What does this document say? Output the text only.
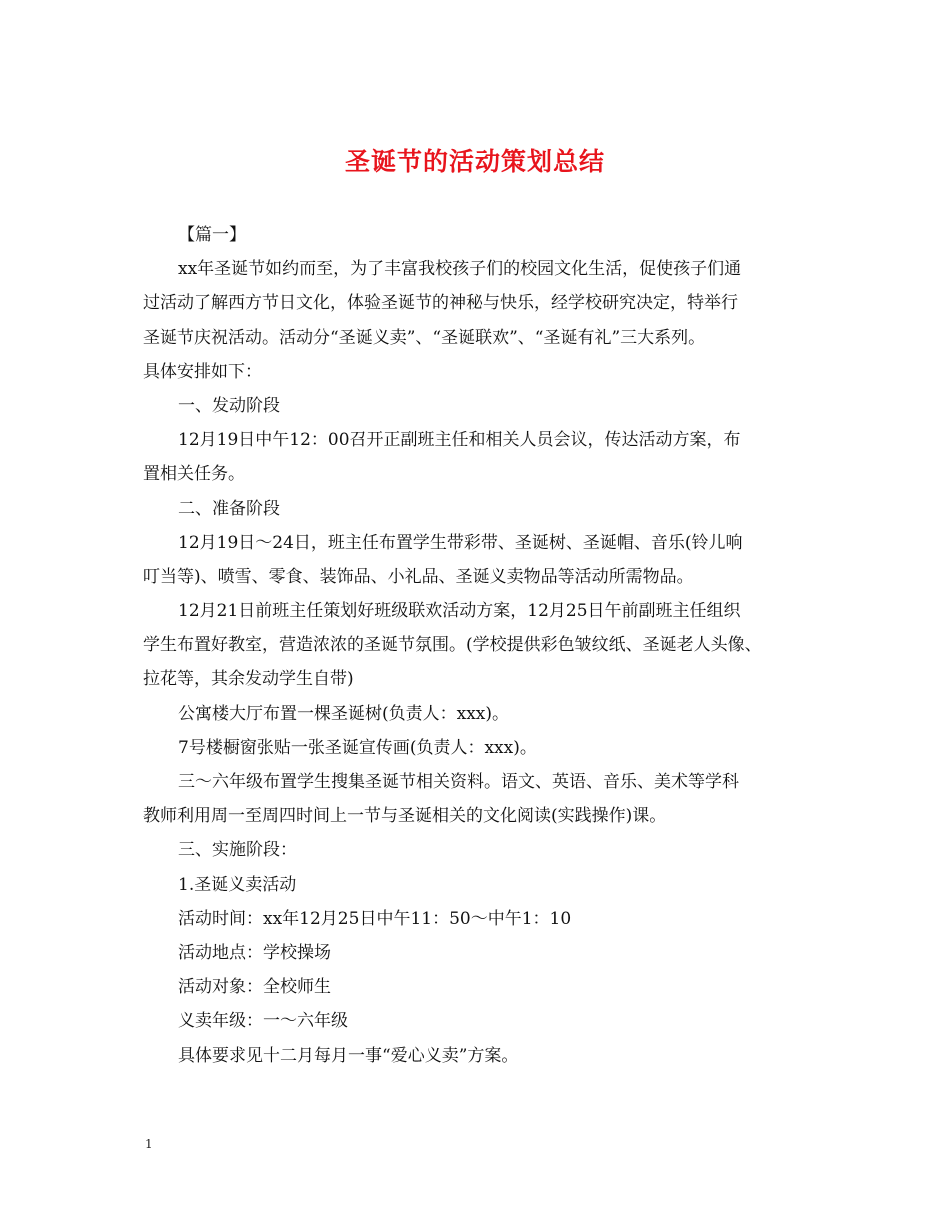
圣诞节的活动策划总结
【篇一】
xx年圣诞节如约而至，为了丰富我校孩子们的校园文化生活，促使孩子们通
过活动了解西方节日文化，体验圣诞节的神秘与快乐，经学校研究决定，特举行
圣诞节庆祝活动。活动分“圣诞义卖”、“圣诞联欢”、“圣诞有礼”三大系列。
具体安排如下：
一、发动阶段
12月19日中午12：00召开正副班主任和相关人员会议，传达活动方案，布
置相关任务。
二、准备阶段
12月19日～24日，班主任布置学生带彩带、圣诞树、圣诞帽、音乐(铃儿响
叮当等)、喷雪、零食、装饰品、小礼品、圣诞义卖物品等活动所需物品。
12月21日前班主任策划好班级联欢活动方案，12月25日午前副班主任组织
学生布置好教室，营造浓浓的圣诞节氛围。(学校提供彩色皱纹纸、圣诞老人头像、
拉花等，其余发动学生自带)
公寓楼大厅布置一棵圣诞树(负责人：xxx)。
7号楼橱窗张贴一张圣诞宣传画(负责人：xxx)。
三～六年级布置学生搜集圣诞节相关资料。语文、英语、音乐、美术等学科
教师利用周一至周四时间上一节与圣诞相关的文化阅读(实践操作)课。
三、实施阶段：
1.圣诞义卖活动
活动时间：xx年12月25日中午11：50～中午1：10
活动地点：学校操场
活动对象：全校师生
义卖年级：一～六年级
具体要求见十二月每月一事“爱心义卖”方案。
1
